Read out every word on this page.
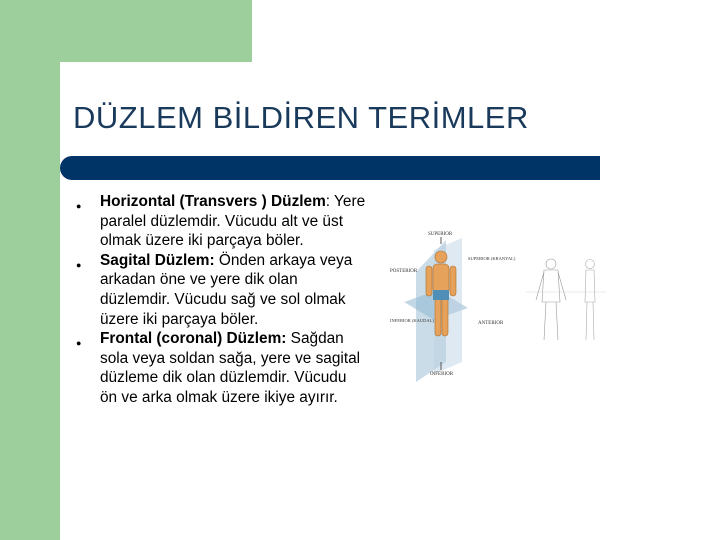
DÜZLEM BİLDİREN TERİMLER
●	Horizontal (Transvers ) Düzlem: Yere paralel düzlemdir. Vücudu alt ve üst olmak üzere iki parçaya böler.
●	Sagital Düzlem: Önden arkaya veya arkadan öne ve yere dik olan düzlemdir. Vücudu sağ ve sol olmak üzere iki parçaya böler.
●	Frontal (coronal) Düzlem: Sağdan sola veya soldan sağa, yere ve sagital düzleme dik olan düzlemdir. Vücudu ön ve arka olmak üzere ikiye ayırır.
SUPERIOR
POSTERIOR
SUPERIOR (KRANYAL)
INFERIOR (KAUDAL)
ANTERIOR
INFERIOR
